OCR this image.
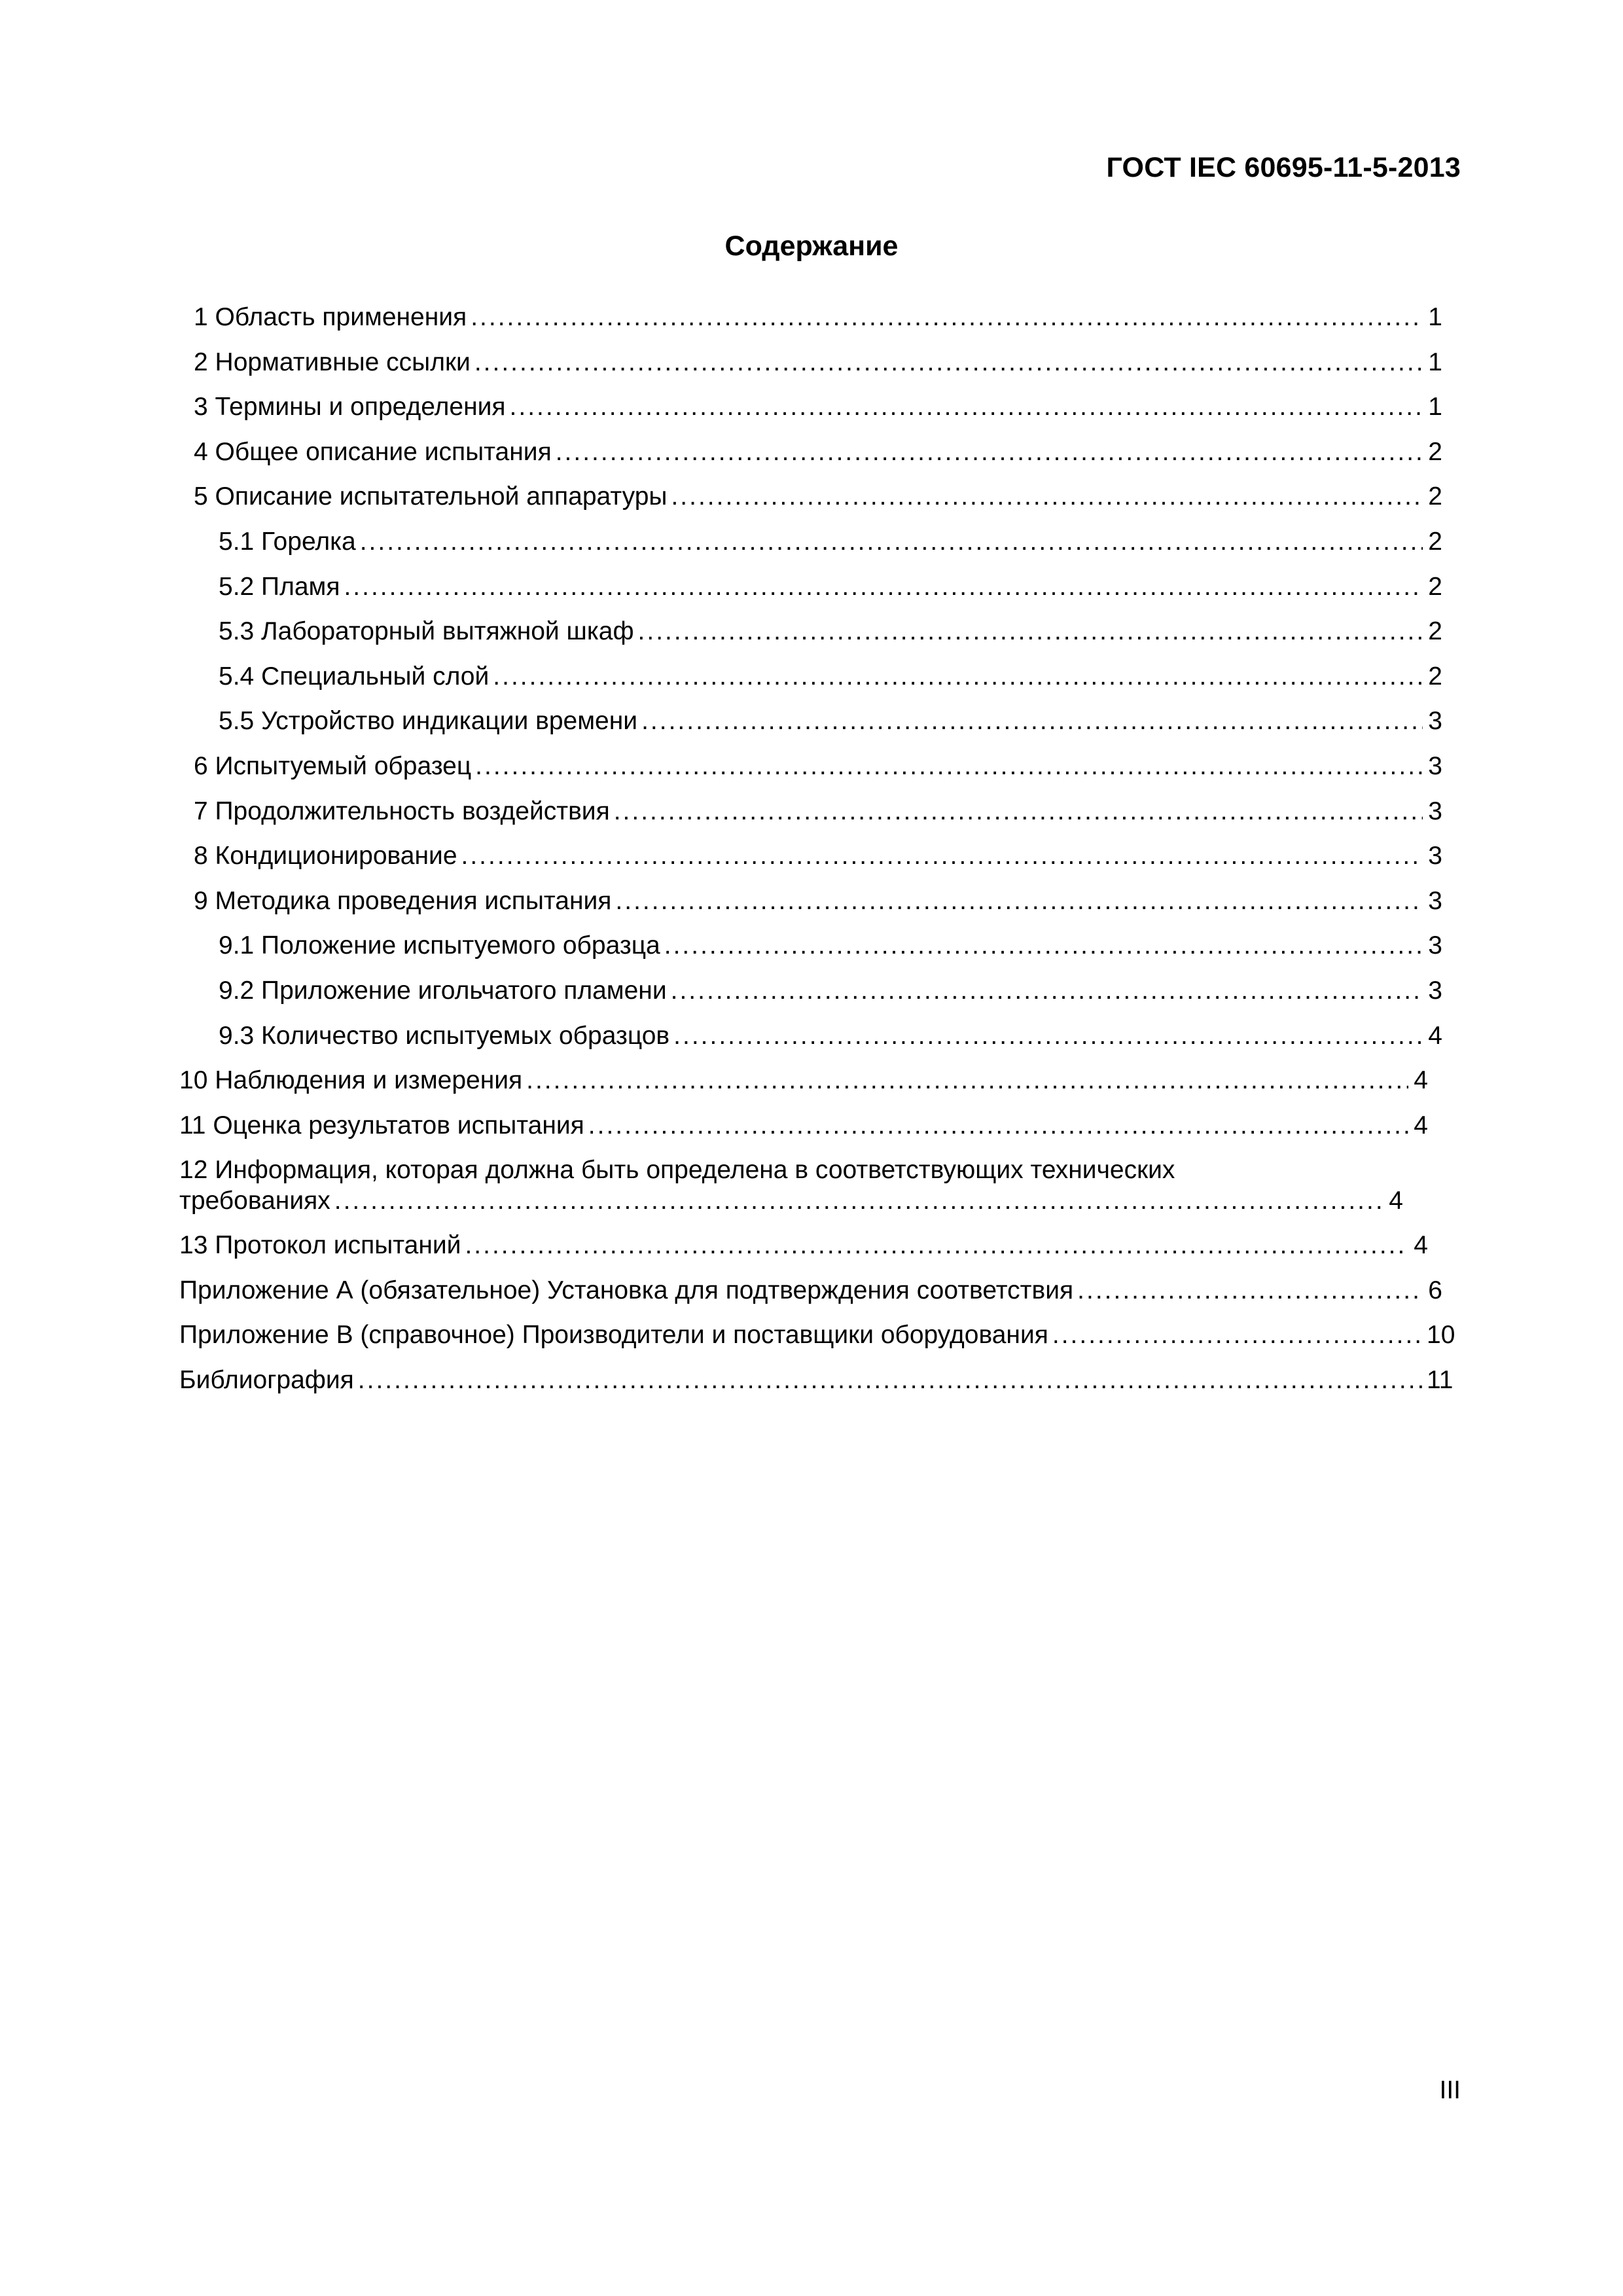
ГОСТ IEC 60695-11-5-2013
Содержание
1 Область применения .....	1
2 Нормативные ссылки .....	1
3 Термины и определения .....	1
4 Общее описание испытания .....	2
5 Описание испытательной аппаратуры .....	2
5.1 Горелка .....	2
5.2 Пламя .....	2
5.3 Лабораторный вытяжной шкаф .....	2
5.4 Специальный слой .....	2
5.5 Устройство индикации времени .....	3
6 Испытуемый образец .....	3
7 Продолжительность воздействия .....	3
8 Кондиционирование .....	3
9 Методика проведения испытания .....	3
9.1 Положение испытуемого образца .....	3
9.2 Приложение игольчатого пламени .....	3
9.3 Количество испытуемых образцов .....	4
10 Наблюдения и измерения .....	4
11 Оценка результатов испытания .....	4
12 Информация, которая должна быть определена в соответствующих технических
требованиях .....	4
13 Протокол испытаний .....	4
Приложение А (обязательное) Установка для подтверждения соответствия .....	6
Приложение В (справочное) Производители и поставщики оборудования .....	10
Библиография .....	11
III
